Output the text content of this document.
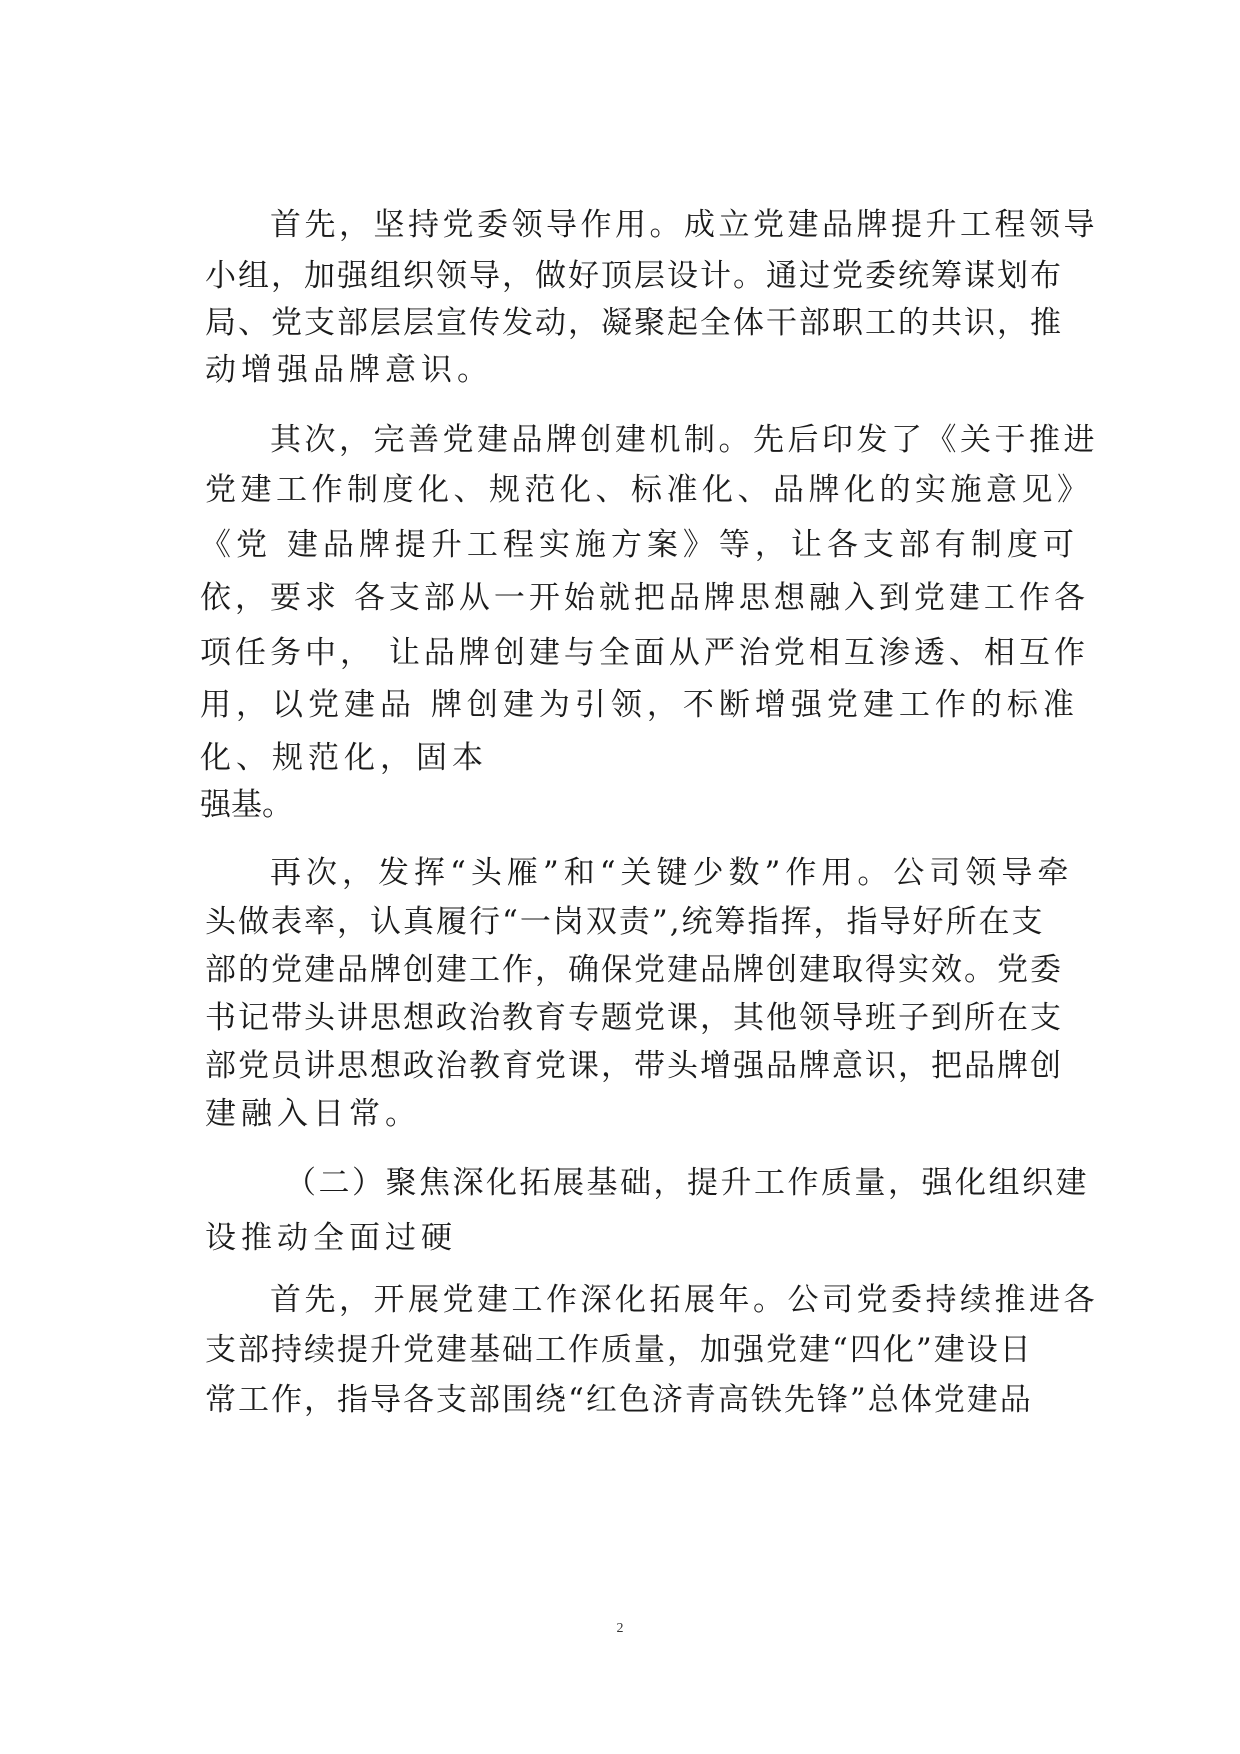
首先，坚持党委领导作用。成立党建品牌提升工程领导
小组，加强组织领导，做好顶层设计。通过党委统筹谋划布
局、党支部层层宣传发动，凝聚起全体干部职工的共识，推
动增强品牌意识。
其次，完善党建品牌创建机制。先后印发了《关于推进
党建工作制度化、规范化、标准化、品牌化的实施意见》
《党 建品牌提升工程实施方案》等，让各支部有制度可
依，要求 各支部从一开始就把品牌思想融入到党建工作各
项任务中， 让品牌创建与全面从严治党相互渗透、相互作
用，以党建品 牌创建为引领，不断增强党建工作的标准
化、规范化，固本
强基。
再次，发挥“头雁”和“关键少数”作用。公司领导牵
头做表率，认真履行“一岗双责”,统筹指挥，指导好所在支
部的党建品牌创建工作，确保党建品牌创建取得实效。党委
书记带头讲思想政治教育专题党课，其他领导班子到所在支
部党员讲思想政治教育党课，带头增强品牌意识，把品牌创
建融入日常。
（二）聚焦深化拓展基础，提升工作质量，强化组织建
设推动全面过硬
首先，开展党建工作深化拓展年。公司党委持续推进各
支部持续提升党建基础工作质量，加强党建“四化”建设日
常工作，指导各支部围绕“红色济青高铁先锋”总体党建品
2
